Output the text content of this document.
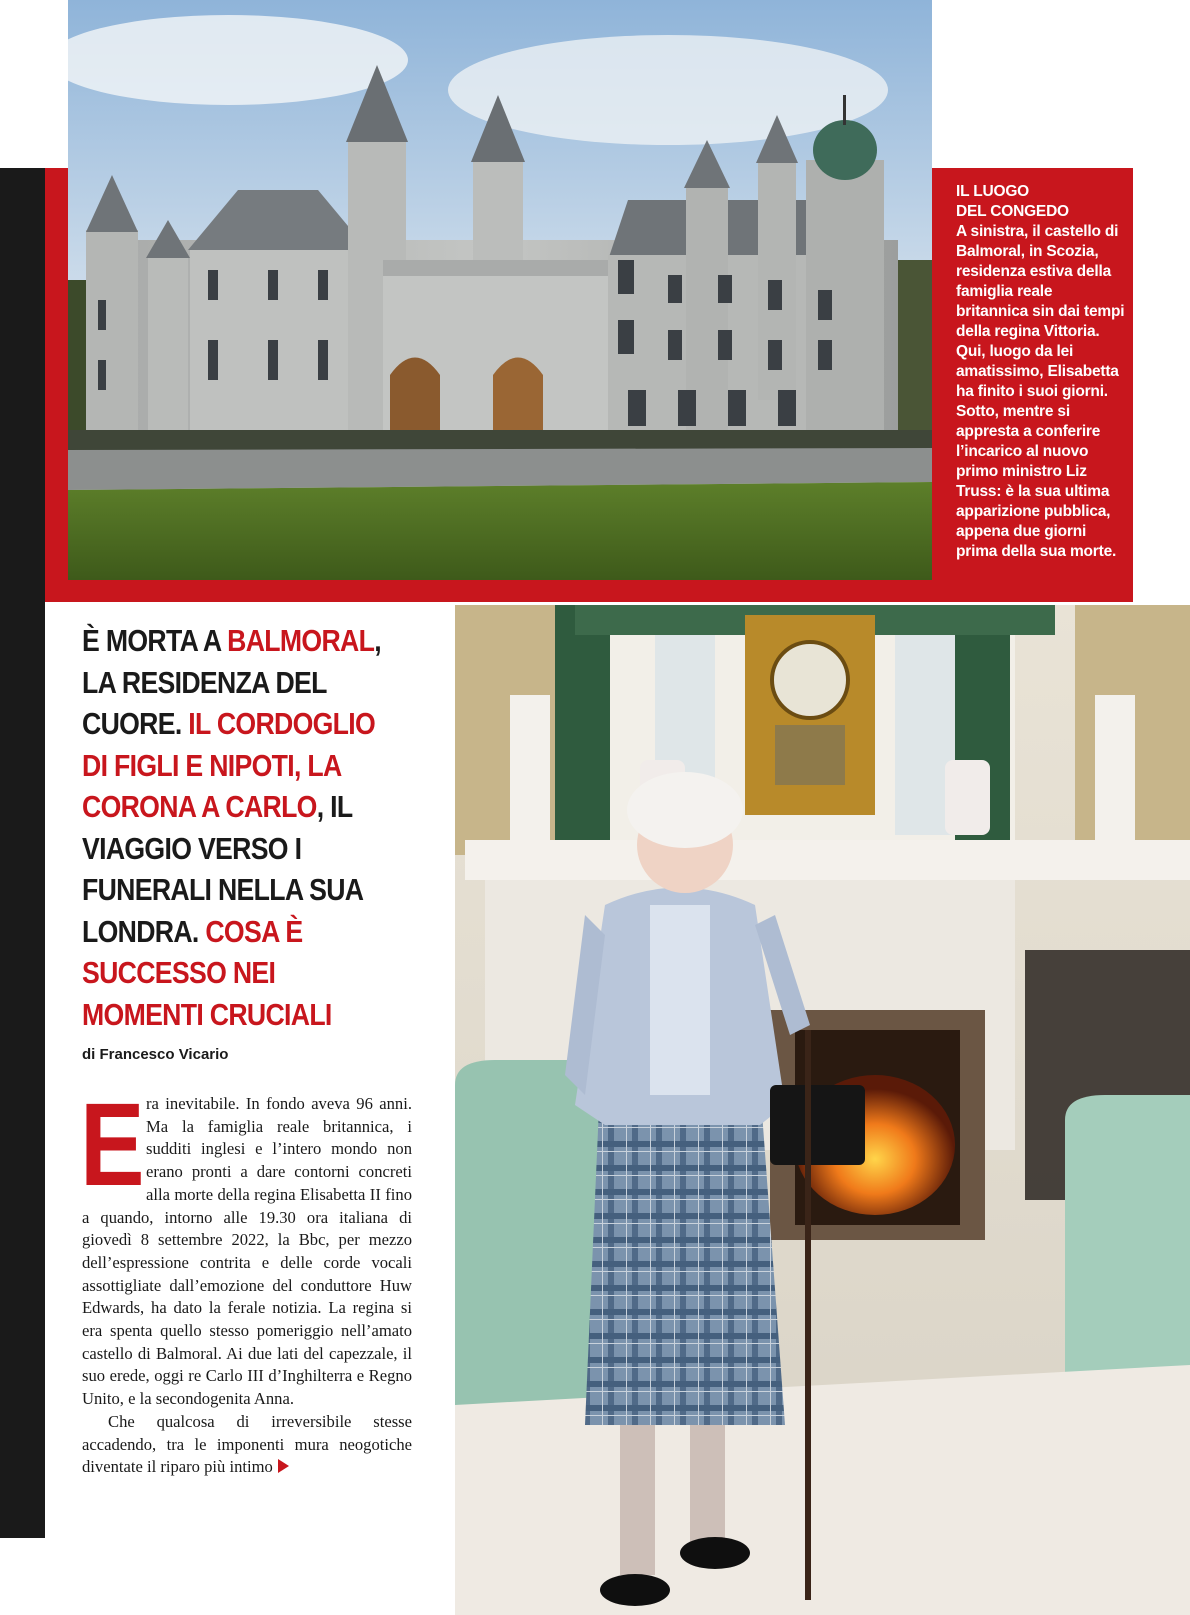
IL LUOGO
DEL CONGEDO
A sinistra, il castello di Balmoral, in Scozia, residenza estiva della famiglia reale britannica sin dai tempi della regina Vittoria. Qui, luogo da lei amatissimo, Elisabetta ha finito i suoi giorni. Sotto, mentre si appresta a conferire l’incarico al nuovo primo ministro Liz Truss: è la sua ultima apparizione pubblica, appena due giorni prima della sua morte.
È MORTA A BALMORAL, LA RESIDENZA DEL CUORE. IL CORDOGLIO DI FIGLI E NIPOTI, LA CORONA A CARLO, IL VIAGGIO VERSO I FUNERALI NELLA SUA LONDRA. COSA È SUCCESSO NEI MOMENTI CRUCIALI
di Francesco Vicario

Era inevitabile. In fondo aveva 96 anni. Ma la famiglia reale britannica, i sudditi inglesi e l’intero mondo non erano pronti a dare contorni concreti alla morte della regina Elisabetta II fino a quando, intorno alle 19.30 ora italiana di giovedì 8 settembre 2022, la Bbc, per mezzo dell’espressione contrita e delle corde vocali assottigliate dall’emozione del conduttore Huw Edwards, ha dato la ferale notizia. La regina si era spenta quello stesso pomeriggio nell’amato castello di Balmoral. Ai due lati del capezzale, il suo erede, oggi re Carlo III d’Inghilterra e Regno Unito, e la secondogenita Anna.

Che qualcosa di irreversibile stesse accadendo, tra le imponenti mura neogotiche diventate il riparo più intimo
